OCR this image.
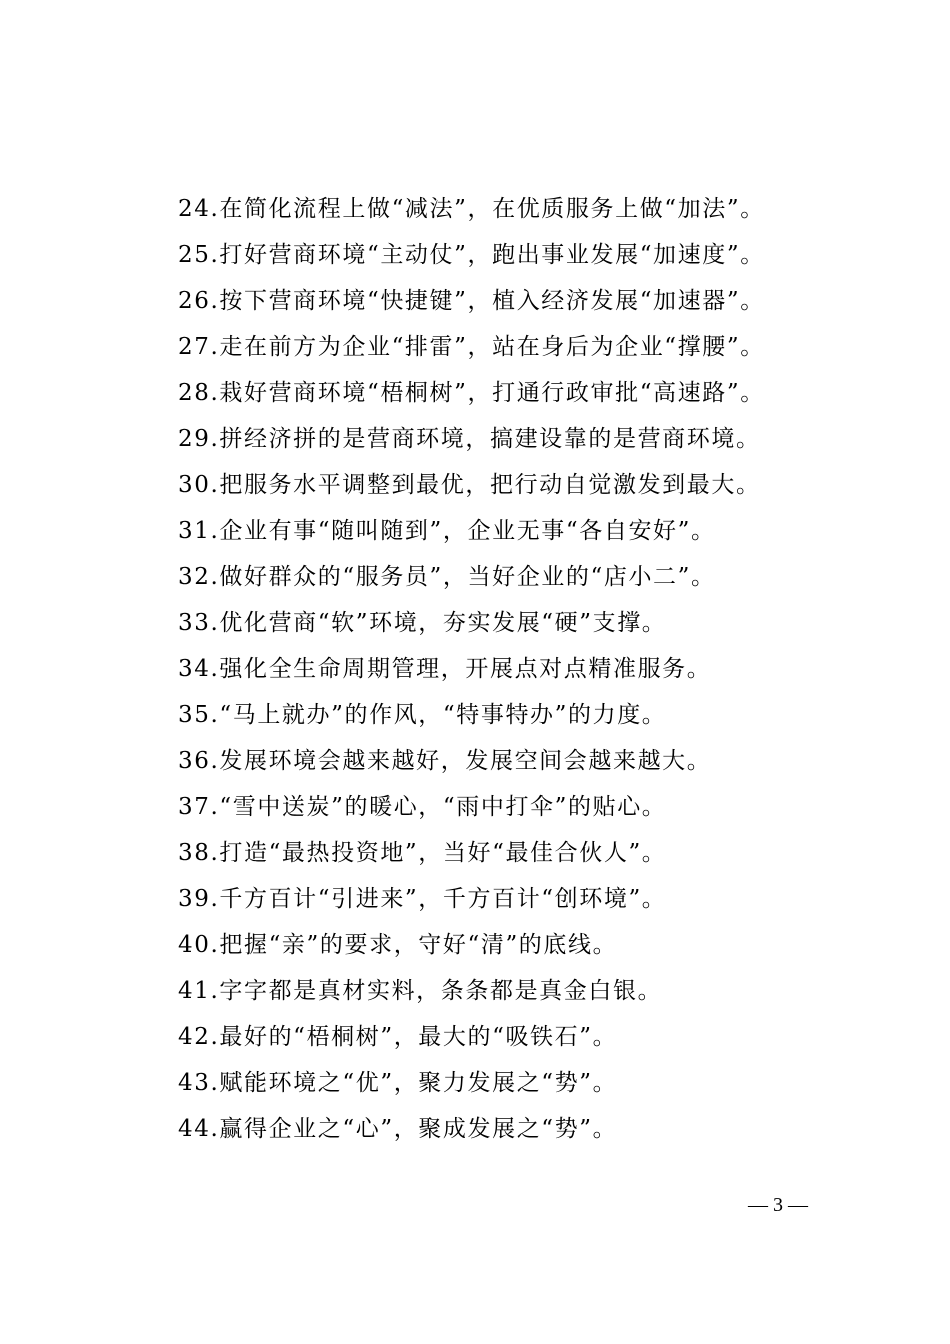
24.在简化流程上做“减法”，在优质服务上做“加法”。
25.打好营商环境“主动仗”，跑出事业发展“加速度”。
26.按下营商环境“快捷键”，植入经济发展“加速器”。
27.走在前方为企业“排雷”，站在身后为企业“撑腰”。
28.栽好营商环境“梧桐树”，打通行政审批“高速路”。
29.拼经济拼的是营商环境，搞建设靠的是营商环境。
30.把服务水平调整到最优，把行动自觉激发到最大。
31.企业有事“随叫随到”，企业无事“各自安好”。
32.做好群众的“服务员”，当好企业的“店小二”。
33.优化营商“软”环境，夯实发展“硬”支撑。
34.强化全生命周期管理，开展点对点精准服务。
35.“马上就办”的作风，“特事特办”的力度。
36.发展环境会越来越好，发展空间会越来越大。
37.“雪中送炭”的暖心，“雨中打伞”的贴心。
38.打造“最热投资地”，当好“最佳合伙人”。
39.千方百计“引进来”，千方百计“创环境”。
40.把握“亲”的要求，守好“清”的底线。
41.字字都是真材实料，条条都是真金白银。
42.最好的“梧桐树”，最大的“吸铁石”。
43.赋能环境之“优”，聚力发展之“势”。
44.赢得企业之“心”，聚成发展之“势”。
— 3 —
